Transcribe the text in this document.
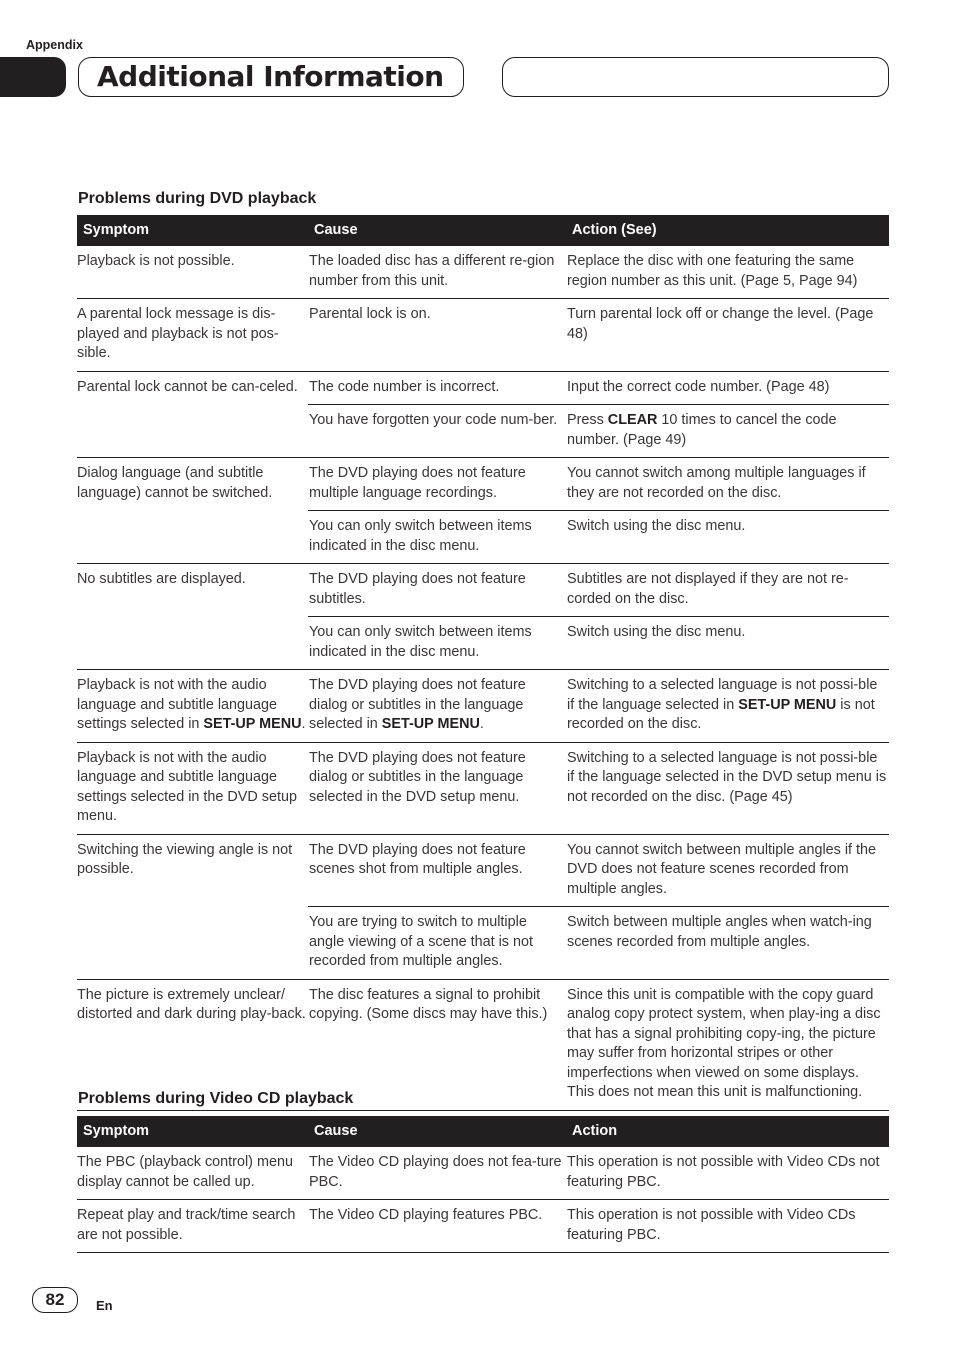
Appendix
Additional Information
Problems during DVD playback
Symptom	Cause	Action (See)
Playback is not possible.	The loaded disc has a different re-gion number from this unit.	Replace the disc with one featuring the same region number as this unit. (Page 5, Page 94)
A parental lock message is dis-played and playback is not pos-sible.	Parental lock is on.	Turn parental lock off or change the level. (Page 48)
Parental lock cannot be can-celed.	The code number is incorrect.	Input the correct code number. (Page 48)
	You have forgotten your code num-ber.	Press CLEAR 10 times to cancel the code number. (Page 49)
Dialog language (and subtitle language) cannot be switched.	The DVD playing does not feature multiple language recordings.	You cannot switch among multiple languages if they are not recorded on the disc.
	You can only switch between items indicated in the disc menu.	Switch using the disc menu.
No subtitles are displayed.	The DVD playing does not feature subtitles.	Subtitles are not displayed if they are not re-corded on the disc.
	You can only switch between items indicated in the disc menu.	Switch using the disc menu.
Playback is not with the audio language and subtitle language settings selected in SET-UP MENU.	The DVD playing does not feature dialog or subtitles in the language selected in SET-UP MENU.	Switching to a selected language is not possi-ble if the language selected in SET-UP MENU is not recorded on the disc.
Playback is not with the audio language and subtitle language settings selected in the DVD setup menu.	The DVD playing does not feature dialog or subtitles in the language selected in the DVD setup menu.	Switching to a selected language is not possi-ble if the language selected in the DVD setup menu is not recorded on the disc. (Page 45)
Switching the viewing angle is not possible.	The DVD playing does not feature scenes shot from multiple angles.	You cannot switch between multiple angles if the DVD does not feature scenes recorded from multiple angles.
	You are trying to switch to multiple angle viewing of a scene that is not recorded from multiple angles.	Switch between multiple angles when watch-ing scenes recorded from multiple angles.
The picture is extremely unclear/ distorted and dark during play-back.	The disc features a signal to prohibit copying. (Some discs may have this.)	Since this unit is compatible with the copy guard analog copy protect system, when play-ing a disc that has a signal prohibiting copy-ing, the picture may suffer from horizontal stripes or other imperfections when viewed on some displays. This does not mean this unit is malfunctioning.
Problems during Video CD playback
Symptom	Cause	Action
The PBC (playback control) menu display cannot be called up.	The Video CD playing does not fea-ture PBC.	This operation is not possible with Video CDs not featuring PBC.
Repeat play and track/time search are not possible.	The Video CD playing features PBC.	This operation is not possible with Video CDs featuring PBC.
82	En
